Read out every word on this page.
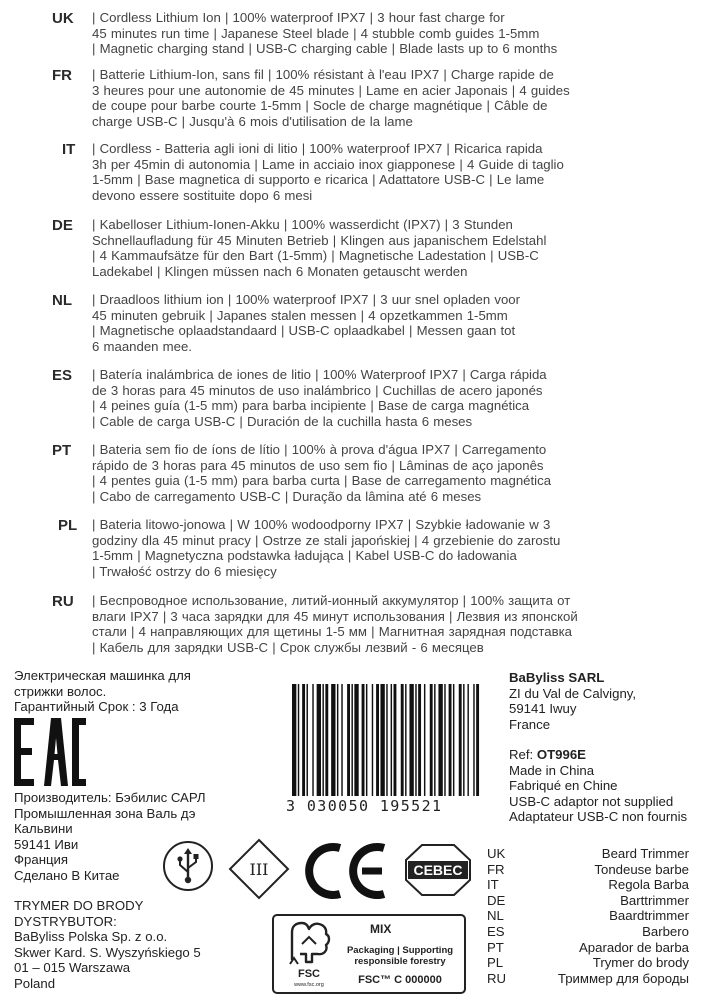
UK | Cordless Lithium Ion | 100% waterproof IPX7 | 3 hour fast charge for
45 minutes run time | Japanese Steel blade | 4 stubble comb guides 1-5mm
| Magnetic charging stand | USB-C charging cable | Blade lasts up to 6 months
FR | Batterie Lithium-Ion, sans fil | 100% résistant à l'eau IPX7 | Charge rapide de
3 heures pour une autonomie de 45 minutes | Lame en acier Japonais | 4 guides
de coupe pour barbe courte 1-5mm | Socle de charge magnétique | Câble de
charge USB-C | Jusqu'à 6 mois d'utilisation de la lame
IT | Cordless - Batteria agli ioni di litio | 100% waterproof IPX7 | Ricarica rapida
3h per 45min di autonomia | Lame in acciaio inox giapponese | 4 Guide di taglio
1-5mm | Base magnetica di supporto e ricarica | Adattatore USB-C | Le lame
devono essere sostituite dopo 6 mesi
DE | Kabelloser Lithium-Ionen-Akku | 100% wasserdicht (IPX7) | 3 Stunden
Schnellaufladung für 45 Minuten Betrieb | Klingen aus japanischem Edelstahl
| 4 Kammaufsätze für den Bart (1-5mm) | Magnetische Ladestation | USB-C
Ladekabel | Klingen müssen nach 6 Monaten getauscht werden
NL | Draadloos lithium ion | 100% waterproof IPX7 | 3 uur snel opladen voor
45 minuten gebruik | Japanes stalen messen | 4 opzetkammen 1-5mm
| Magnetische oplaadstandaard | USB-C oplaadkabel | Messen gaan tot
6 maanden mee.
ES | Batería inalámbrica de iones de litio | 100% Waterproof IPX7 | Carga rápida
de 3 horas para 45 minutos de uso inalámbrico | Cuchillas de acero japonés
| 4 peines guía (1-5 mm) para barba incipiente | Base de carga magnética
| Cable de carga USB-C | Duración de la cuchilla hasta 6 meses
PT | Bateria sem fio de íons de lítio | 100% à prova d'água IPX7 | Carregamento
rápido de 3 horas para 45 minutos de uso sem fio | Lâminas de aço japonês
| 4 pentes guia (1-5 mm) para barba curta | Base de carregamento magnética
| Cabo de carregamento USB-C | Duração da lâmina até 6 meses
PL | Bateria litowo-jonowa | W 100% wodoodporny IPX7 | Szybkie ładowanie w 3
godziny dla 45 minut pracy | Ostrze ze stali japońskiej | 4 grzebienie do zarostu
1-5mm | Magnetyczna podstawka ładująca | Kabel USB-C do ładowania
| Trwałość ostrzy do 6 miesięcy
RU | Беспроводное использование, литий-ионный аккумулятор | 100% защита от
влаги IPX7 | 3 часа зарядки для 45 минут использования | Лезвия из японской
стали | 4 направляющих для щетины 1-5 мм | Магнитная зарядная подставка
| Кабель для зарядки USB-C | Срок службы лезвий - 6 месяцев
Электрическая машинка для
стрижки волос.
Гарантийный Срок : 3 Года
Производитель: Бэбилис САРЛ
Промышленная зона Валь дэ
Кальвини
59141 Иви
Франция
Сделано В Китае
TRYMER DO BRODY
DYSTRYBUTOR:
BaByliss Polska Sp. z o.o.
Skwer Kard. S. Wyszyńskiego 5
01 – 015 Warszawa
Poland
3 030050 195521
BaByliss SARL
ZI du Val de Calvigny,
59141 Iwuy
France
Ref: OT996E
Made in China
Fabriqué en Chine
USB-C adaptor not supplied
Adaptateur USB-C non fournis
III	CEBEC
UK	Beard Trimmer
FR	Tondeuse barbe
IT	Regola Barba
DE	Barttrimmer
NL	Baardtrimmer
ES	Barbero
PT	Aparador de barba
PL	Trymer do brody
RU	Триммер для бороды
FSC
www.fsc.org
MIX
Packaging | Supporting
responsible forestry
FSC™ C 000000
